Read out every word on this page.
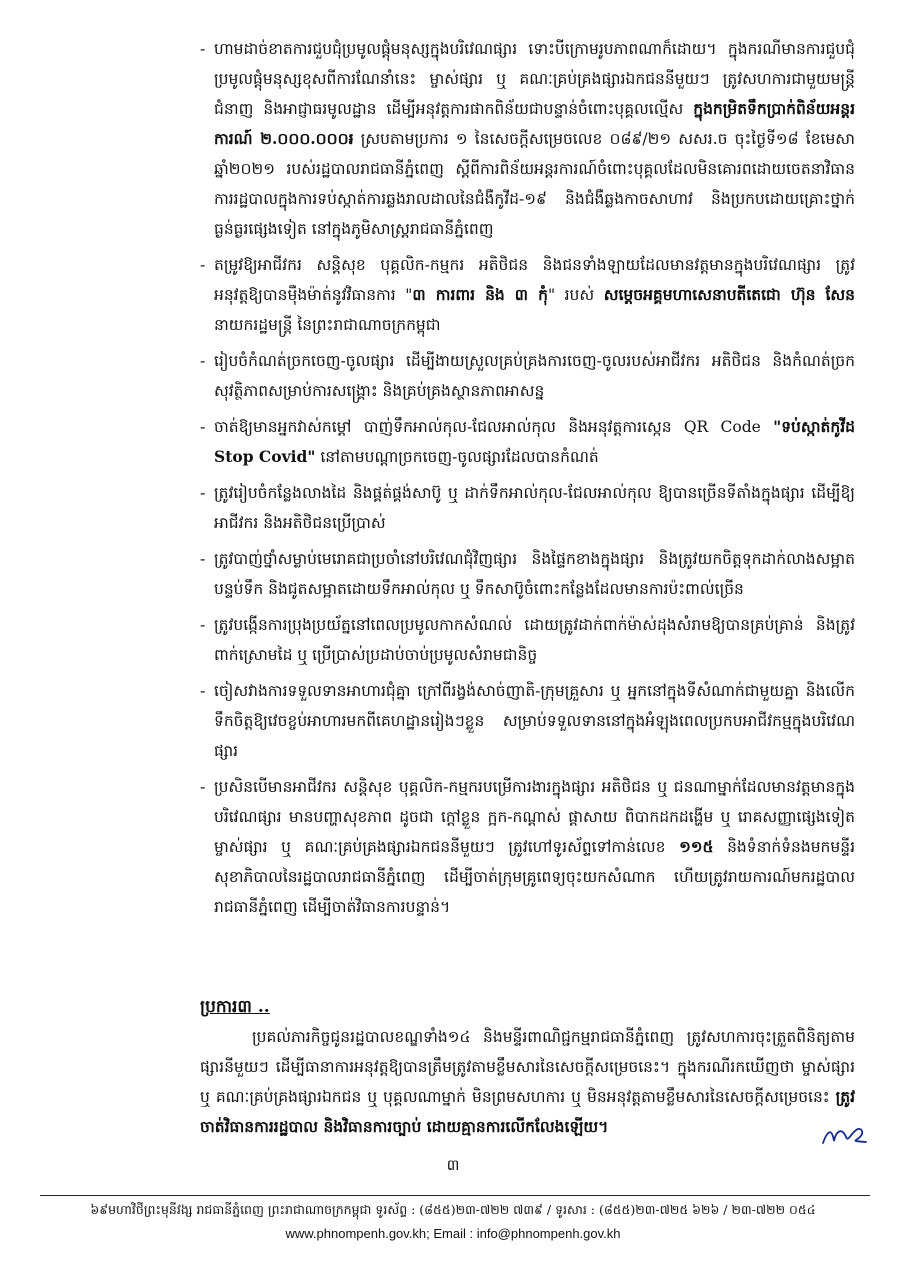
- ហាមដាច់ខាតការជួបជុំប្រមូលផ្តុំមនុស្សក្នុងបរិវេណផ្សារ ទោះបីក្រោមរូបភាពណាក៏ដោយ។ ក្នុងករណីមានការជួបជុំប្រមូលផ្តុំមនុស្សខុសពីការណែនាំនេះ ម្ចាស់ផ្សារ ឬ គណៈគ្រប់គ្រងផ្សារឯកជននីមួយៗ ត្រូវសហការជាមួយមន្ត្រីជំនាញ និងអាជ្ញាធរមូលដ្ឋាន ដើម្បីអនុវត្តការផាកពិន័យជាបន្ទាន់ចំពោះបុគ្គលល្មើស ក្នុងកម្រិតទឹកប្រាក់ពិន័យអន្តរការណ៍ ២.០០០.០០០៛ ស្របតាមប្រការ ១ នៃសេចក្តីសម្រេចលេខ ០៨៩/២១ សសរ.ច ចុះថ្ងៃទី១៨ ខែមេសា ឆ្នាំ២០២១ របស់រដ្ឋបាលរាជធានីភ្នំពេញ ស្តីពីការពិន័យអន្តរការណ៍ចំពោះបុគ្គលដែលមិនគោរពដោយចេតនាវិធានការរដ្ឋបាលក្នុងការទប់ស្កាត់ការឆ្លងរាលដាលនៃជំងឺកូវីដ-១៩ និងជំងឺឆ្លងកាចសាហាវ និងប្រកបដោយគ្រោះថ្នាក់ធ្ងន់ធ្ងរផ្សេងទៀត នៅក្នុងភូមិសាស្ត្ររាជធានីភ្នំពេញ
- តម្រូវឱ្យអាជីវករ សន្តិសុខ បុគ្គលិក-កម្មករ អតិថិជន និងជនទាំងឡាយដែលមានវត្តមានក្នុងបរិវេណផ្សារ ត្រូវអនុវត្តឱ្យបានម៉ឺងម៉ាត់នូវវិធានការ "៣ ការពារ និង ៣ កុំ" របស់ សម្តេចអគ្គមហាសេនាបតីតេជោ ហ៊ុន សែន នាយករដ្ឋមន្ត្រី នៃព្រះរាជាណាចក្រកម្ពុជា
- រៀបចំកំណត់ច្រកចេញ-ចូលផ្សារ ដើម្បីងាយស្រួលគ្រប់គ្រងការចេញ-ចូលរបស់អាជីវករ អតិថិជន និងកំណត់ច្រកសុវត្ថិភាពសម្រាប់ការសង្គ្រោះ និងគ្រប់គ្រងស្ថានភាពអាសន្ន
- ចាត់ឱ្យមានអ្នកវាស់កម្តៅ បាញ់ទឹកអាល់កុល-ជែលអាល់កុល និងអនុវត្តការស្កេន QR Code "ទប់ស្កាត់កូវីដ Stop Covid" នៅតាមបណ្តាច្រកចេញ-ចូលផ្សារដែលបានកំណត់
- ត្រូវរៀបចំកន្លែងលាងដៃ និងផ្គត់ផ្គង់សាប៊ូ ឬ ដាក់ទឹកអាល់កុល-ជែលអាល់កុល ឱ្យបានច្រើនទីតាំងក្នុងផ្សារ ដើម្បីឱ្យអាជីវករ និងអតិថិជនប្រើប្រាស់
- ត្រូវបាញ់ថ្នាំសម្លាប់មេរោគជាប្រចាំនៅបរិវេណជុំវិញផ្សារ និងផ្ទៃកខាងក្នុងផ្សារ និងត្រូវយកចិត្តទុកដាក់លាងសម្អាតបន្ទប់ទឹក និងជូតសម្អាតដោយទឹកអាល់កុល ឬ ទឹកសាប៊ូចំពោះកន្លែងដែលមានការប៉ះពាល់ច្រើន
- ត្រូវបង្កើនការប្រុងប្រយ័ត្ននៅពេលប្រមូលកាកសំណល់ ដោយត្រូវដាក់ពាក់ម៉ាស់ដុងសំរាមឱ្យបានគ្រប់គ្រាន់ និងត្រូវពាក់ស្រោមដៃ ឬ ប្រើប្រាស់ប្រដាប់ចាប់ប្រមូលសំរាមជានិច្ច
- ចៀសវាងការទទួលទានអាហារជុំគ្នា ក្រៅពីរង្វង់សាច់ញាតិ-ក្រុមគ្រួសារ ឬ អ្នកនៅក្នុងទីសំណាក់ជាមួយគ្នា និងលើកទឹកចិត្តឱ្យវេចខ្ចប់អាហារមកពីគេហដ្ឋានរៀងៗខ្លួន សម្រាប់ទទួលទាននៅក្នុងអំឡុងពេលប្រកបអាជីវកម្មក្នុងបរិវេណផ្សារ
- ប្រសិនបើមានអាជីវករ សន្តិសុខ បុគ្គលិក-កម្មករបម្រើការងារក្នុងផ្សារ អតិថិជន ឬ ជនណាម្នាក់ដែលមានវត្តមានក្នុងបរិវេណផ្សារ មានបញ្ហាសុខភាព ដូចជា ក្តៅខ្លួន ក្អក-កណ្តាស់ ផ្តាសាយ ពិបាកដកដង្ហើម ឬ រោគសញ្ញាផ្សេងទៀត ម្ចាស់ផ្សារ ឬ គណៈគ្រប់គ្រងផ្សារឯកជននីមួយៗ ត្រូវហៅទូរស័ព្ទទៅកាន់លេខ ១១៥ និងទំនាក់ទំនងមកមន្ទីរសុខាភិបាលនៃរដ្ឋបាលរាជធានីភ្នំពេញ ដើម្បីចាត់ក្រុមគ្រូពេទ្យចុះយកសំណាក ហើយត្រូវរាយការណ៍មករដ្ឋបាលរាជធានីភ្នំពេញ ដើម្បីចាត់វិធានការបន្ទាន់។
ប្រការ៣ ..
ប្រគល់ភារកិច្ចជូនរដ្ឋបាលខណ្ឌទាំង១៤ និងមន្ទីរពាណិជ្ជកម្មរាជធានីភ្នំពេញ ត្រូវសហការចុះត្រួតពិនិត្យតាមផ្សារនីមួយៗ ដើម្បីធានាការអនុវត្តឱ្យបានត្រឹមត្រូវតាមខ្លឹមសារនៃសេចក្តីសម្រេចនេះ។ ក្នុងករណីរកឃើញថា ម្ចាស់ផ្សារ ឬ គណៈគ្រប់គ្រងផ្សារឯកជន ឬ បុគ្គលណាម្នាក់ មិនព្រមសហការ ឬ មិនអនុវត្តតាមខ្លឹមសារនៃសេចក្តីសម្រេចនេះ ត្រូវចាត់វិធានការរដ្ឋបាល និងវិធានការច្បាប់ ដោយគ្មានការលើកលែងឡើយ។
៣
៦៩មហាវិថីព្រះមុនីវង្ស រាជធានីភ្នំពេញ ព្រះរាជាណាចក្រកម្ពុជា ទូរស័ព្ទ : (៨៥៥)២៣-៧២២ ៧៣៩ / ទូរសារ : (៨៥៥)២៣-៧២៥ ៦២៦ / ២៣-៧២២ ០៥៤
www.phnompenh.gov.kh; Email : info@phnompenh.gov.kh
